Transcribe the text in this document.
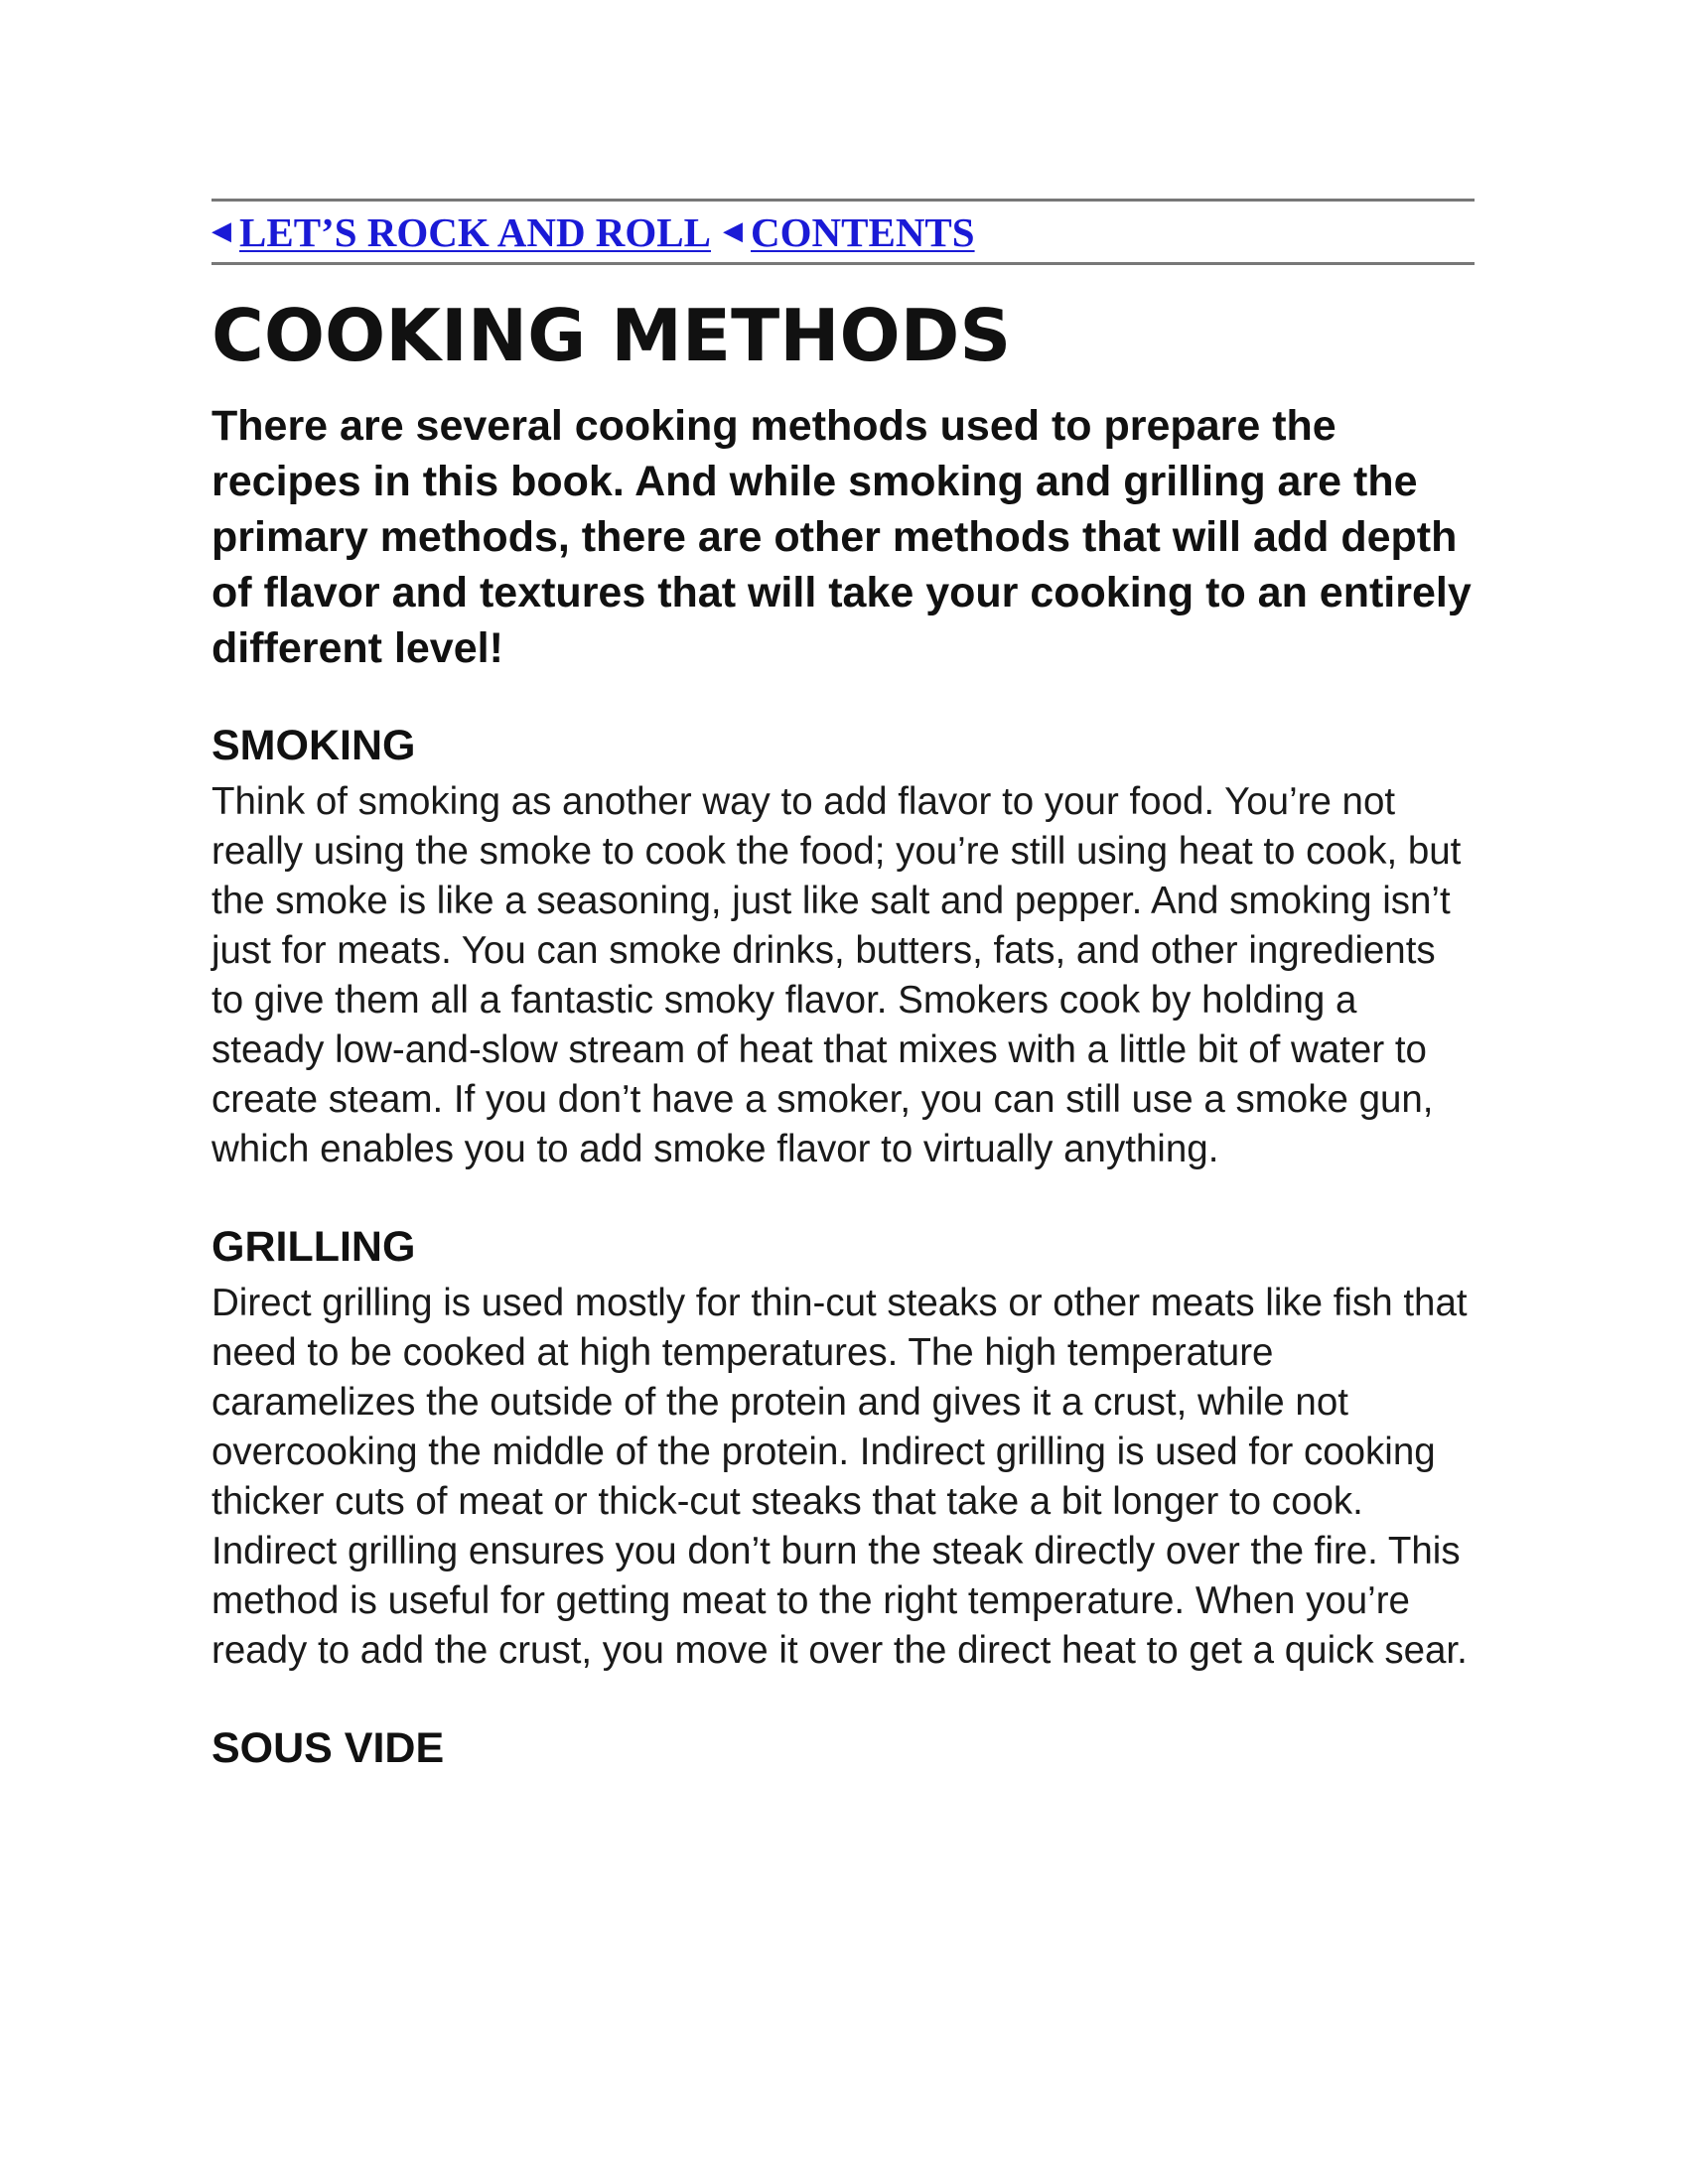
◀ LET’S ROCK AND ROLL ◀ CONTENTS
COOKING METHODS

There are several cooking methods used to prepare the recipes in this book. And while smoking and grilling are the primary methods, there are other methods that will add depth of flavor and textures that will take your cooking to an entirely different level!

SMOKING

Think of smoking as another way to add flavor to your food. You’re not really using the smoke to cook the food; you’re still using heat to cook, but the smoke is like a seasoning, just like salt and pepper. And smoking isn’t just for meats. You can smoke drinks, butters, fats, and other ingredients to give them all a fantastic smoky flavor. Smokers cook by holding a steady low-and-slow stream of heat that mixes with a little bit of water to create steam. If you don’t have a smoker, you can still use a smoke gun, which enables you to add smoke flavor to virtually anything.

GRILLING

Direct grilling is used mostly for thin-cut steaks or other meats like fish that need to be cooked at high temperatures. The high temperature caramelizes the outside of the protein and gives it a crust, while not overcooking the middle of the protein. Indirect grilling is used for cooking thicker cuts of meat or thick-cut steaks that take a bit longer to cook. Indirect grilling ensures you don’t burn the steak directly over the fire. This method is useful for getting meat to the right temperature. When you’re ready to add the crust, you move it over the direct heat to get a quick sear.

SOUS VIDE
